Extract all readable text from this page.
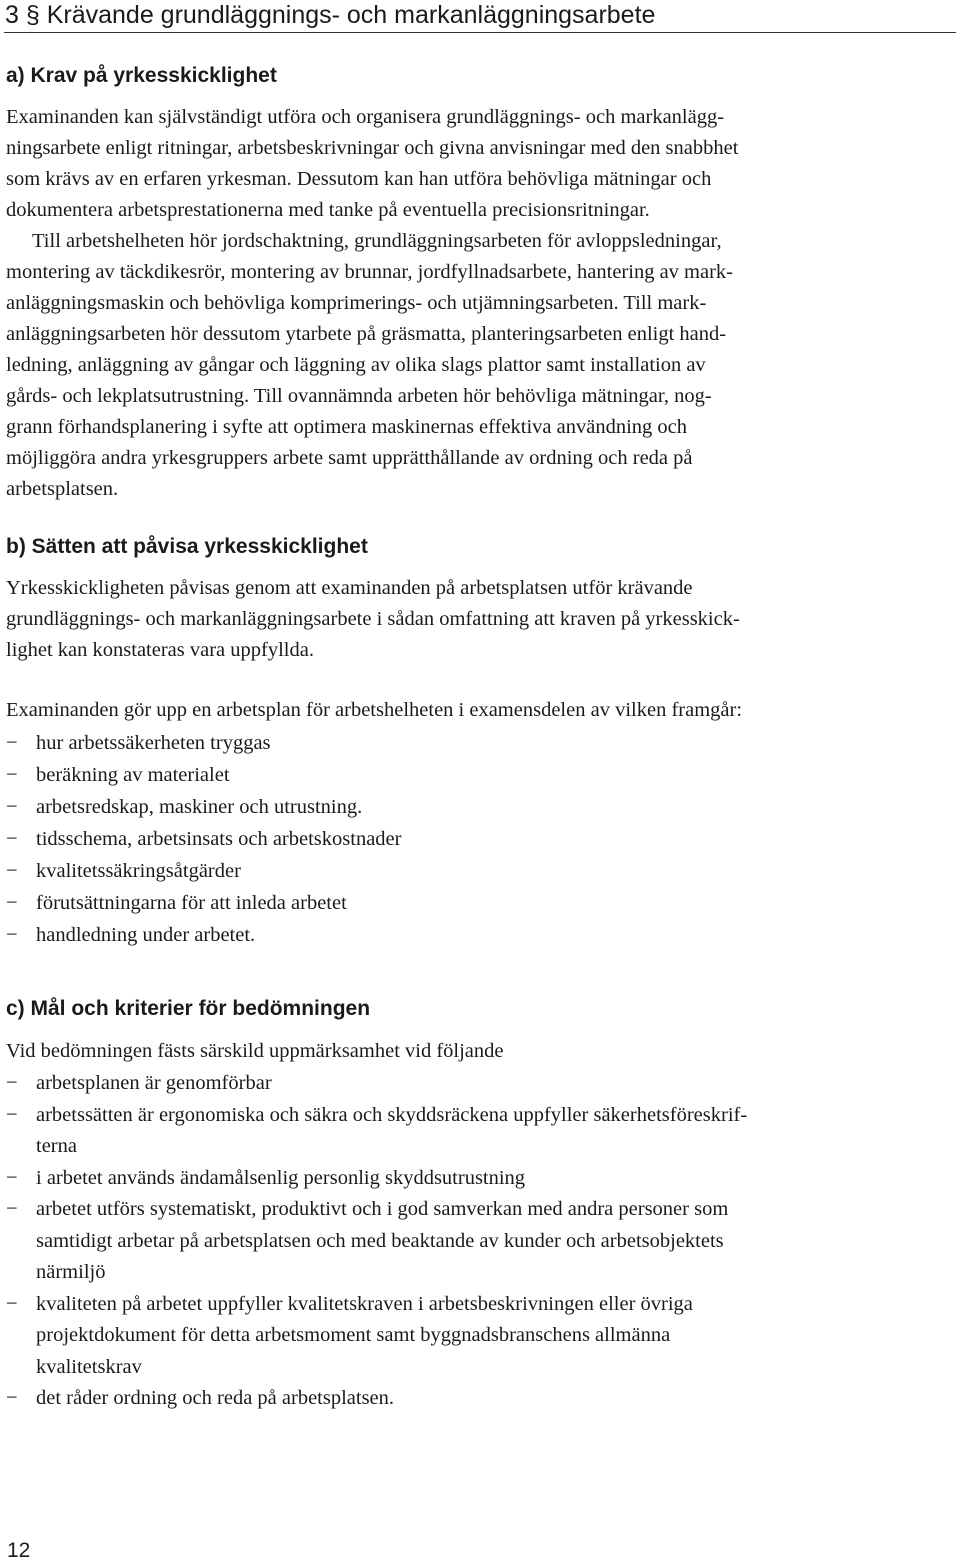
3 § Krävande grundläggnings- och markanläggningsarbete
a) Krav på yrkesskicklighet
Examinanden kan självständigt utföra och organisera grundläggnings- och markanlägg-
ningsarbete enligt ritningar, arbetsbeskrivningar och givna anvisningar med den snabbhet
som krävs av en erfaren yrkesman. Dessutom kan han utföra behövliga mätningar och
dokumentera arbetsprestationerna med tanke på eventuella precisionsritningar.
Till arbetshelheten hör jordschaktning, grundläggningsarbeten för avloppsledningar,
montering av täckdikesrör, montering av brunnar, jordfyllnadsarbete, hantering av mark-
anläggningsmaskin och behövliga komprimerings- och utjämningsarbeten. Till mark-
anläggningsarbeten hör dessutom ytarbete på gräsmatta, planteringsarbeten enligt hand-
ledning, anläggning av gångar och läggning av olika slags plattor samt installation av
gårds- och lekplatsutrustning. Till ovannämnda arbeten hör behövliga mätningar, nog-
grann förhandsplanering i syfte att optimera maskinernas effektiva användning och
möjliggöra andra yrkesgruppers arbete samt upprätthållande av ordning och reda på
arbetsplatsen.
b) Sätten att påvisa yrkesskicklighet
Yrkesskickligheten påvisas genom att examinanden på arbetsplatsen utför krävande
grundläggnings- och markanläggningsarbete i sådan omfattning att kraven på yrkesskick-
lighet kan konstateras vara uppfyllda.
Examinanden gör upp en arbetsplan för arbetshelheten i examensdelen av vilken framgår:
− hur arbetssäkerheten tryggas
− beräkning av materialet
− arbetsredskap, maskiner och utrustning.
− tidsschema, arbetsinsats och arbetskostnader
− kvalitetssäkringsåtgärder
− förutsättningarna för att inleda arbetet
− handledning under arbetet.
c) Mål och kriterier för bedömningen
Vid bedömningen fästs särskild uppmärksamhet vid följande
− arbetsplanen är genomförbar
− arbetssätten är ergonomiska och säkra och skyddsräckena uppfyller säkerhetsföreskrif-
terna
− i arbetet används ändamålsenlig personlig skyddsutrustning
− arbetet utförs systematiskt, produktivt och i god samverkan med andra personer som
samtidigt arbetar på arbetsplatsen och med beaktande av kunder och arbetsobjektets
närmiljö
− kvaliteten på arbetet uppfyller kvalitetskraven i arbetsbeskrivningen eller övriga
projektdokument för detta arbetsmoment samt byggnadsbranschens allmänna
kvalitetskrav
− det råder ordning och reda på arbetsplatsen.

12
